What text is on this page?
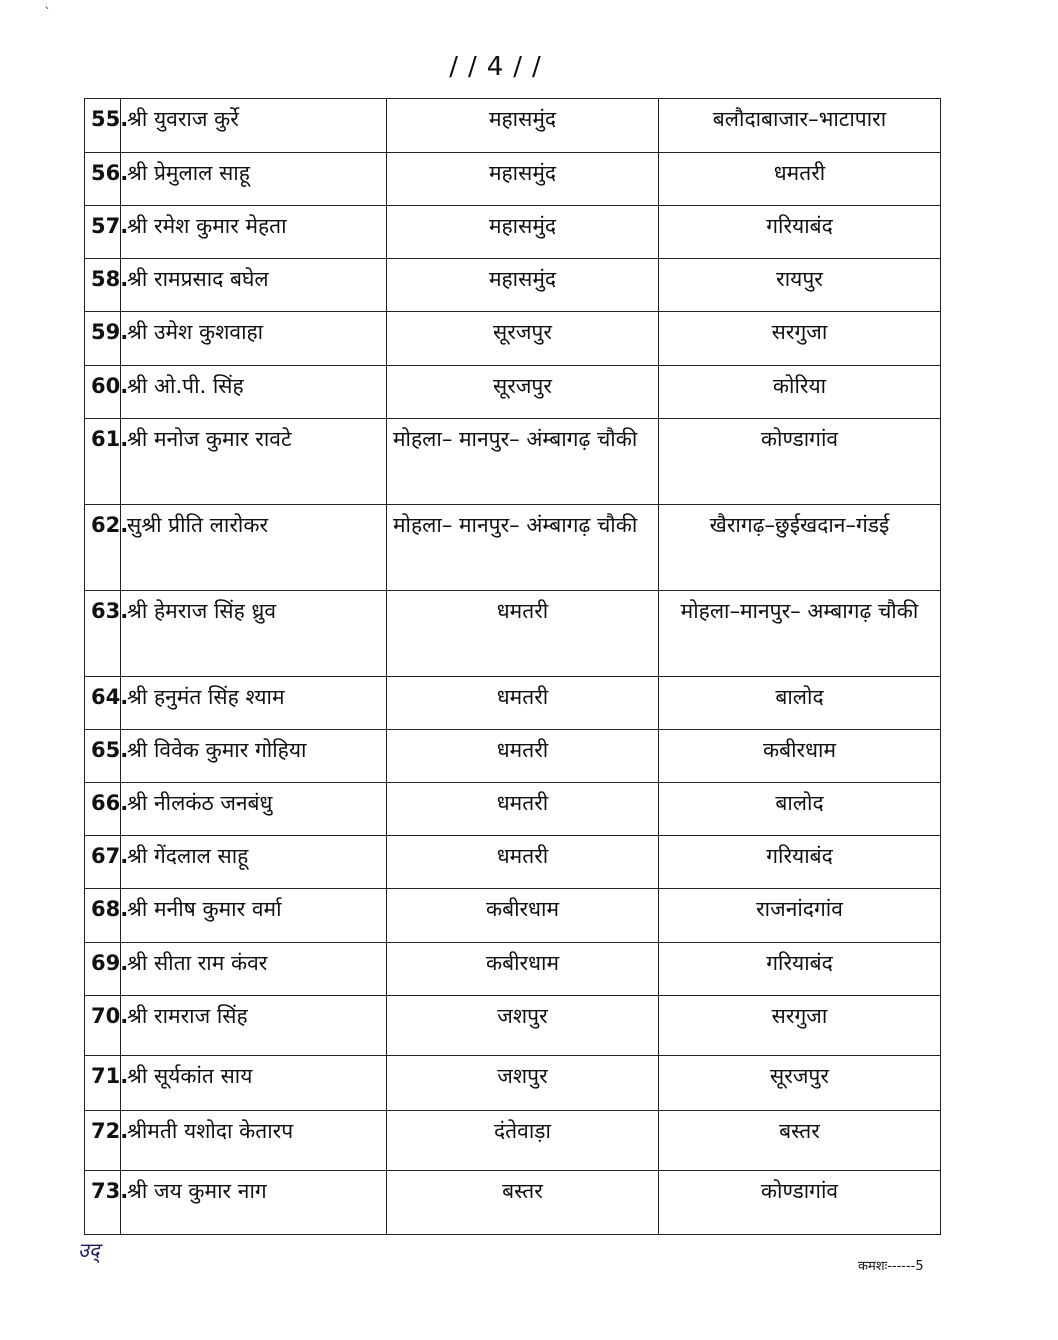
ˋ
//4//
55.	श्री युवराज कुर्रे	महासमुंद	बलौदाबाजार–भाटापारा
56.	श्री प्रेमुलाल साहू	महासमुंद	धमतरी
57.	श्री रमेश कुमार मेहता	महासमुंद	गरियाबंद
58.	श्री रामप्रसाद बघेल	महासमुंद	रायपुर
59.	श्री उमेश कुशवाहा	सूरजपुर	सरगुजा
60.	श्री ओ.पी. सिंह	सूरजपुर	कोरिया
61.	श्री मनोज कुमार रावटे	मोहला– मानपुर– अंम्बागढ़ चौकी	कोण्डागांव
62.	सुश्री प्रीति लारोकर	मोहला– मानपुर– अंम्बागढ़ चौकी	खैरागढ़–छुईखदान–गंडई
63.	श्री हेमराज सिंह ध्रुव	धमतरी	मोहला–मानपुर– अम्बागढ़ चौकी
64.	श्री हनुमंत सिंह श्याम	धमतरी	बालोद
65.	श्री विवेक कुमार गोहिया	धमतरी	कबीरधाम
66.	श्री नीलकंठ जनबंधु	धमतरी	बालोद
67.	श्री गेंदलाल साहू	धमतरी	गरियाबंद
68.	श्री मनीष कुमार वर्मा	कबीरधाम	राजनांदगांव
69.	श्री सीता राम कंवर	कबीरधाम	गरियाबंद
70.	श्री रामराज सिंह	जशपुर	सरगुजा
71.	श्री सूर्यकांत साय	जशपुर	सूरजपुर
72.	श्रीमती यशोदा केतारप	दंतेवाड़ा	बस्तर
73.	श्री जय कुमार नाग	बस्तर	कोण्डागांव
उद्
कमशः------5
